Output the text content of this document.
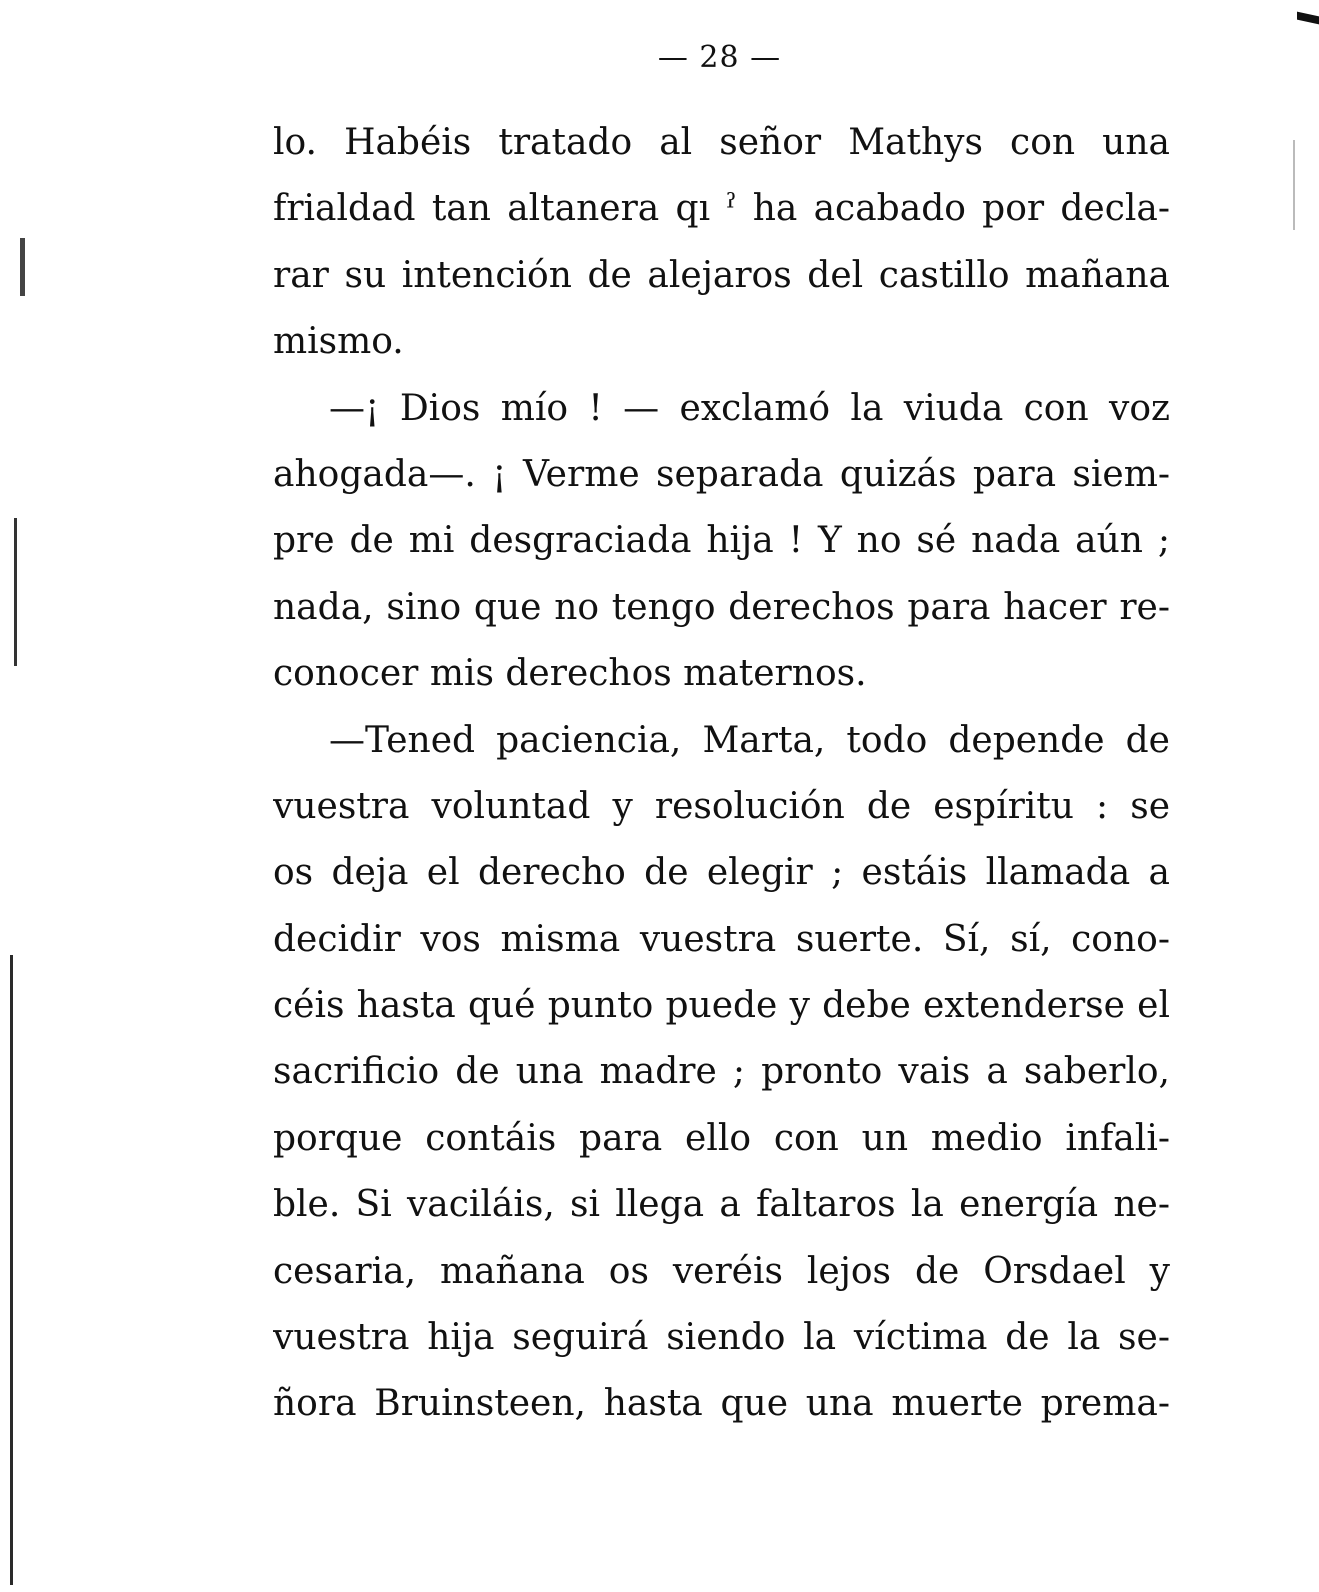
— 28 —
lo. Habéis tratado al señor Mathys con una
frialdad tan altanera qı ˀ ha acabado por decla-
rar su intención de alejaros del castillo mañana
mismo.
—¡ Dios mío ! — exclamó la viuda con voz
ahogada—. ¡ Verme separada quizás para siem-
pre de mi desgraciada hija ! Y no sé nada aún ;
nada, sino que no tengo derechos para hacer re-
conocer mis derechos maternos.
—Tened paciencia, Marta, todo depende de
vuestra voluntad y resolución de espíritu : se
os deja el derecho de elegir ; estáis llamada a
decidir vos misma vuestra suerte. Sí, sí, cono-
céis hasta qué punto puede y debe extenderse el
sacrificio de una madre ; pronto vais a saberlo,
porque contáis para ello con un medio infali-
ble. Si vaciláis, si llega a faltaros la energía ne-
cesaria, mañana os veréis lejos de Orsdael y
vuestra hija seguirá siendo la víctima de la se-
ñora Bruinsteen, hasta que una muerte prema-
